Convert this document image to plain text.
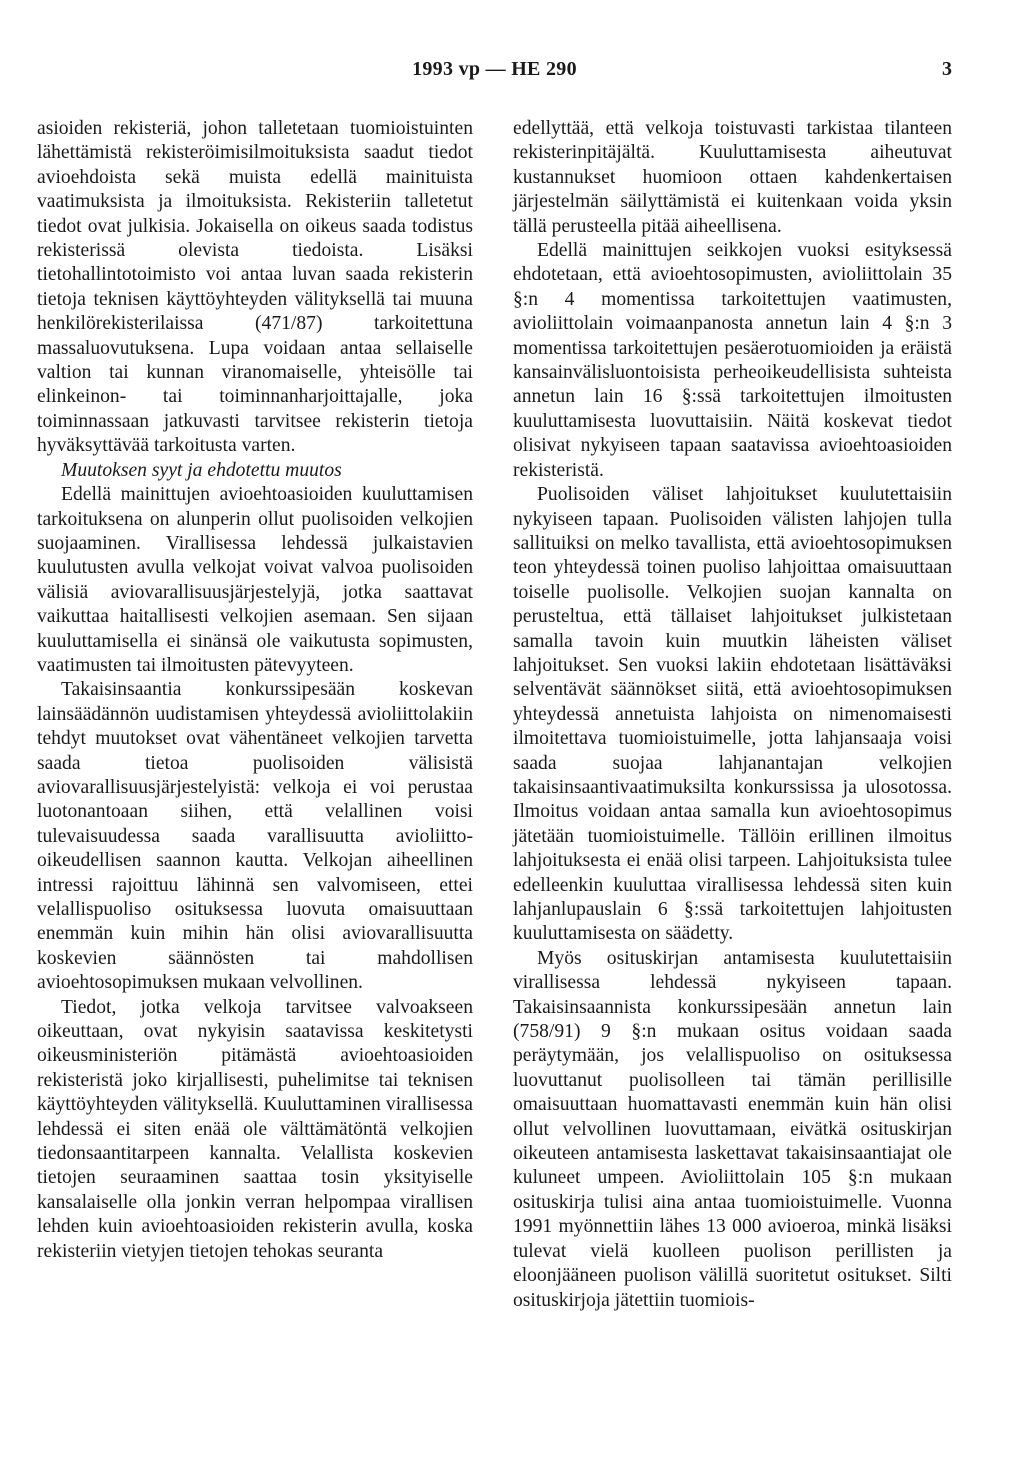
1993 vp — HE 290	3

asioiden rekisteriä, johon talletetaan tuomioistuinten lähettämistä rekisteröimisilmoituksista saadut tiedot avioehdoista sekä muista edellä mainituista vaatimuksista ja ilmoituksista. Rekisteriin talletetut tiedot ovat julkisia. Jokaisella on oikeus saada todistus rekisterissä olevista tiedoista. Lisäksi tietohallintotoimisto voi antaa luvan saada rekisterin tietoja teknisen käyttöyhteyden välityksellä tai muuna henkilörekisterilaissa (471/87) tarkoitettuna massaluovutuksena. Lupa voidaan antaa sellaiselle valtion tai kunnan viranomaiselle, yhteisölle tai elinkeinon- tai toiminnanharjoittajalle, joka toiminnassaan jatkuvasti tarvitsee rekisterin tietoja hyväksyttävää tarkoitusta varten.

Muutoksen syyt ja ehdotettu muutos

Edellä mainittujen avioehtoasioiden kuuluttamisen tarkoituksena on alunperin ollut puolisoiden velkojien suojaaminen. Virallisessa lehdessä julkaistavien kuulutusten avulla velkojat voivat valvoa puolisoiden välisiä aviovarallisuusjärjestelyjä, jotka saattavat vaikuttaa haitallisesti velkojien asemaan. Sen sijaan kuuluttamisella ei sinänsä ole vaikutusta sopimusten, vaatimusten tai ilmoitusten pätevyyteen.

Takaisinsaantia konkurssipesään koskevan lainsäädännön uudistamisen yhteydessä avioliittolakiin tehdyt muutokset ovat vähentäneet velkojien tarvetta saada tietoa puolisoiden välisistä aviovarallisuusjärjestelyistä: velkoja ei voi perustaa luotonantoaan siihen, että velallinen voisi tulevaisuudessa saada varallisuutta avioliitto-oikeudellisen saannon kautta. Velkojan aiheellinen intressi rajoittuu lähinnä sen valvomiseen, ettei velallispuoliso osituksessa luovuta omaisuuttaan enemmän kuin mihin hän olisi aviovarallisuutta koskevien säännösten tai mahdollisen avioehtosopimuksen mukaan velvollinen.

Tiedot, jotka velkoja tarvitsee valvoakseen oikeuttaan, ovat nykyisin saatavissa keskitetysti oikeusministeriön pitämästä avioehtoasioiden rekisteristä joko kirjallisesti, puhelimitse tai teknisen käyttöyhteyden välityksellä. Kuuluttaminen virallisessa lehdessä ei siten enää ole välttämätöntä velkojien tiedonsaantitarpeen kannalta. Velallista koskevien tietojen seuraaminen saattaa tosin yksityiselle kansalaiselle olla jonkin verran helpompaa virallisen lehden kuin avioehtoasioiden rekisterin avulla, koska rekisteriin vietyjen tietojen tehokas seuranta

edellyttää, että velkoja toistuvasti tarkistaa tilanteen rekisterinpitäjältä. Kuuluttamisesta aiheutuvat kustannukset huomioon ottaen kahdenkertaisen järjestelmän säilyttämistä ei kuitenkaan voida yksin tällä perusteella pitää aiheellisena.

Edellä mainittujen seikkojen vuoksi esityksessä ehdotetaan, että avioehtosopimusten, avioliittolain 35 §:n 4 momentissa tarkoitettujen vaatimusten, avioliittolain voimaanpanosta annetun lain 4 §:n 3 momentissa tarkoitettujen pesäerotuomioiden ja eräistä kansainvälisluontoisista perheoikeudellisista suhteista annetun lain 16 §:ssä tarkoitettujen ilmoitusten kuuluttamisesta luovuttaisiin. Näitä koskevat tiedot olisivat nykyiseen tapaan saatavissa avioehtoasioiden rekisteristä.

Puolisoiden väliset lahjoitukset kuulutettaisiin nykyiseen tapaan. Puolisoiden välisten lahjojen tulla sallituiksi on melko tavallista, että avioehtosopimuksen teon yhteydessä toinen puoliso lahjoittaa omaisuuttaan toiselle puolisolle. Velkojien suojan kannalta on perusteltua, että tällaiset lahjoitukset julkistetaan samalla tavoin kuin muutkin läheisten väliset lahjoitukset. Sen vuoksi lakiin ehdotetaan lisättäväksi selventävät säännökset siitä, että avioehtosopimuksen yhteydessä annetuista lahjoista on nimenomaisesti ilmoitettava tuomioistuimelle, jotta lahjansaaja voisi saada suojaa lahjanantajan velkojien takaisinsaantivaatimuksilta konkurssissa ja ulosotossa. Ilmoitus voidaan antaa samalla kun avioehtosopimus jätetään tuomioistuimelle. Tällöin erillinen ilmoitus lahjoituksesta ei enää olisi tarpeen. Lahjoituksista tulee edelleenkin kuuluttaa virallisessa lehdessä siten kuin lahjanlupauslain 6 §:ssä tarkoitettujen lahjoitusten kuuluttamisesta on säädetty.

Myös osituskirjan antamisesta kuulutettaisiin virallisessa lehdessä nykyiseen tapaan. Takaisinsaannista konkurssipesään annetun lain (758/91) 9 §:n mukaan ositus voidaan saada peräytymään, jos velallispuoliso on osituksessa luovuttanut puolisolleen tai tämän perillisille omaisuuttaan huomattavasti enemmän kuin hän olisi ollut velvollinen luovuttamaan, eivätkä osituskirjan oikeuteen antamisesta laskettavat takaisinsaantiajat ole kuluneet umpeen. Avioliittolain 105 §:n mukaan osituskirja tulisi aina antaa tuomioistuimelle. Vuonna 1991 myönnettiin lähes 13 000 avioeroa, minkä lisäksi tulevat vielä kuolleen puolison perillisten ja eloonjääneen puolison välillä suoritetut ositukset. Silti osituskirjoja jätettiin tuomiois-
